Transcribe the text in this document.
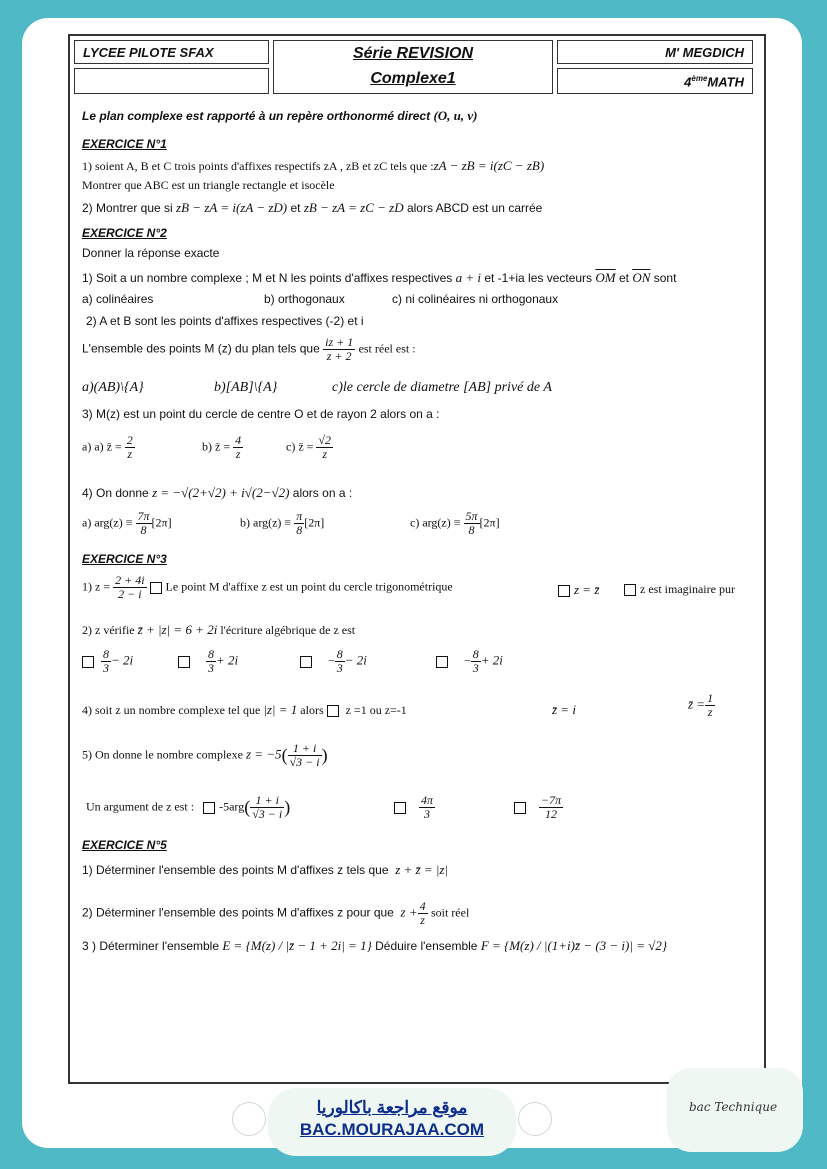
LYCEE PILOTE SFAX	Série REVISION
Complexe1
M' MEGDICH
4èmeMATH
Le plan complexe est rapporté à un repère orthonormé direct (O, u, v)
EXERCICE N°1
1) soient A, B et C trois points d'affixes respectifs zA , zB et zC tels que :zA − zB = i(zC − zB)
Montrer que ABC est un triangle rectangle et isocèle
2) Montrer que si zB − zA = i(zA − zD) et zB − zA = zC − zD alors ABCD est un carrée
EXERCICE N°2
Donner la réponse exacte
1) Soit a un nombre complexe ; M et N les points d'affixes respectives a + i et -1+ia les vecteurs $\overline{OM}$ et $\overline{ON}$ sont
a) colinéaires	b) orthogonaux	c) ni colinéaires ni orthogonaux
2) A et B sont les points d'affixes respectives (-2) et i
L'ensemble des points M (z) du plan tels que $\frac{iz + 1}{z + 2}$ est réel est :
a)(AB)\{A}	b)[AB]\{A}	c)le cercle de diametre [AB] privé de A
3) M(z) est un point du cercle de centre O et de rayon 2 alors on a :
a) a) z̄ = $\frac{2}{z}$	b) z̄ = $\frac{4}{z}$	c) z̄ = $\frac{√2}{z}$
4) On donne z = −√(2+√2) + i√(2−√2) alors on a :
a) $arg(z) \equiv \frac{7\pi}{8} [2\pi]$	b) $arg(z) \equiv \frac{\pi}{8} [2\pi]$	c) $arg(z) \equiv \frac{5\pi}{8} [2\pi]$
EXERCICE N°3
1) $z = \frac{2 + 4i}{2 - i}$ Le point M d'affixe z est un point du cercle trigonométrique	z = z̄	z est imaginaire pur
2) z vérifie z̄ + |z| = 6 + 2i l'écriture algébrique de z est

$\frac{8}{3} - 2i$
	$\frac{8}{3} + 2i$	− $\frac{8}{3} - 2i$	− $\frac{8}{3} + 2i$
4) soit z un nombre complexe tel que |z| = 1 alors z =1 ou z=-1	z̄ = i	z̄ = $\frac{1}{z}$
5) On donne le nombre complexe $z = -5( \frac{1 + i}{√3 - i}$ )
Un argument de z est : $-5arg( \frac{1 + i}{√3 - i}$ )
	$\frac{4\pi}{3}$
	$\frac{-7\pi}{12}$
EXERCICE N°5
1) Déterminer l'ensemble des points M d'affixes z tels que z + z̄ = |z|
2) Déterminer l'ensemble des points M d'affixes z pour que $z + \frac{4}{z}$ soit réel
3 ) Déterminer l'ensemble E = {M(z) / |z̄ − 1 + 2i| = 1} Déduire l'ensemble F = {M(z) / |(1+i)z̄ − (3 − i)| = √2}
موقع مراجعة باكالوريا
BAC.MOURAJAA.COM
bac Technique
